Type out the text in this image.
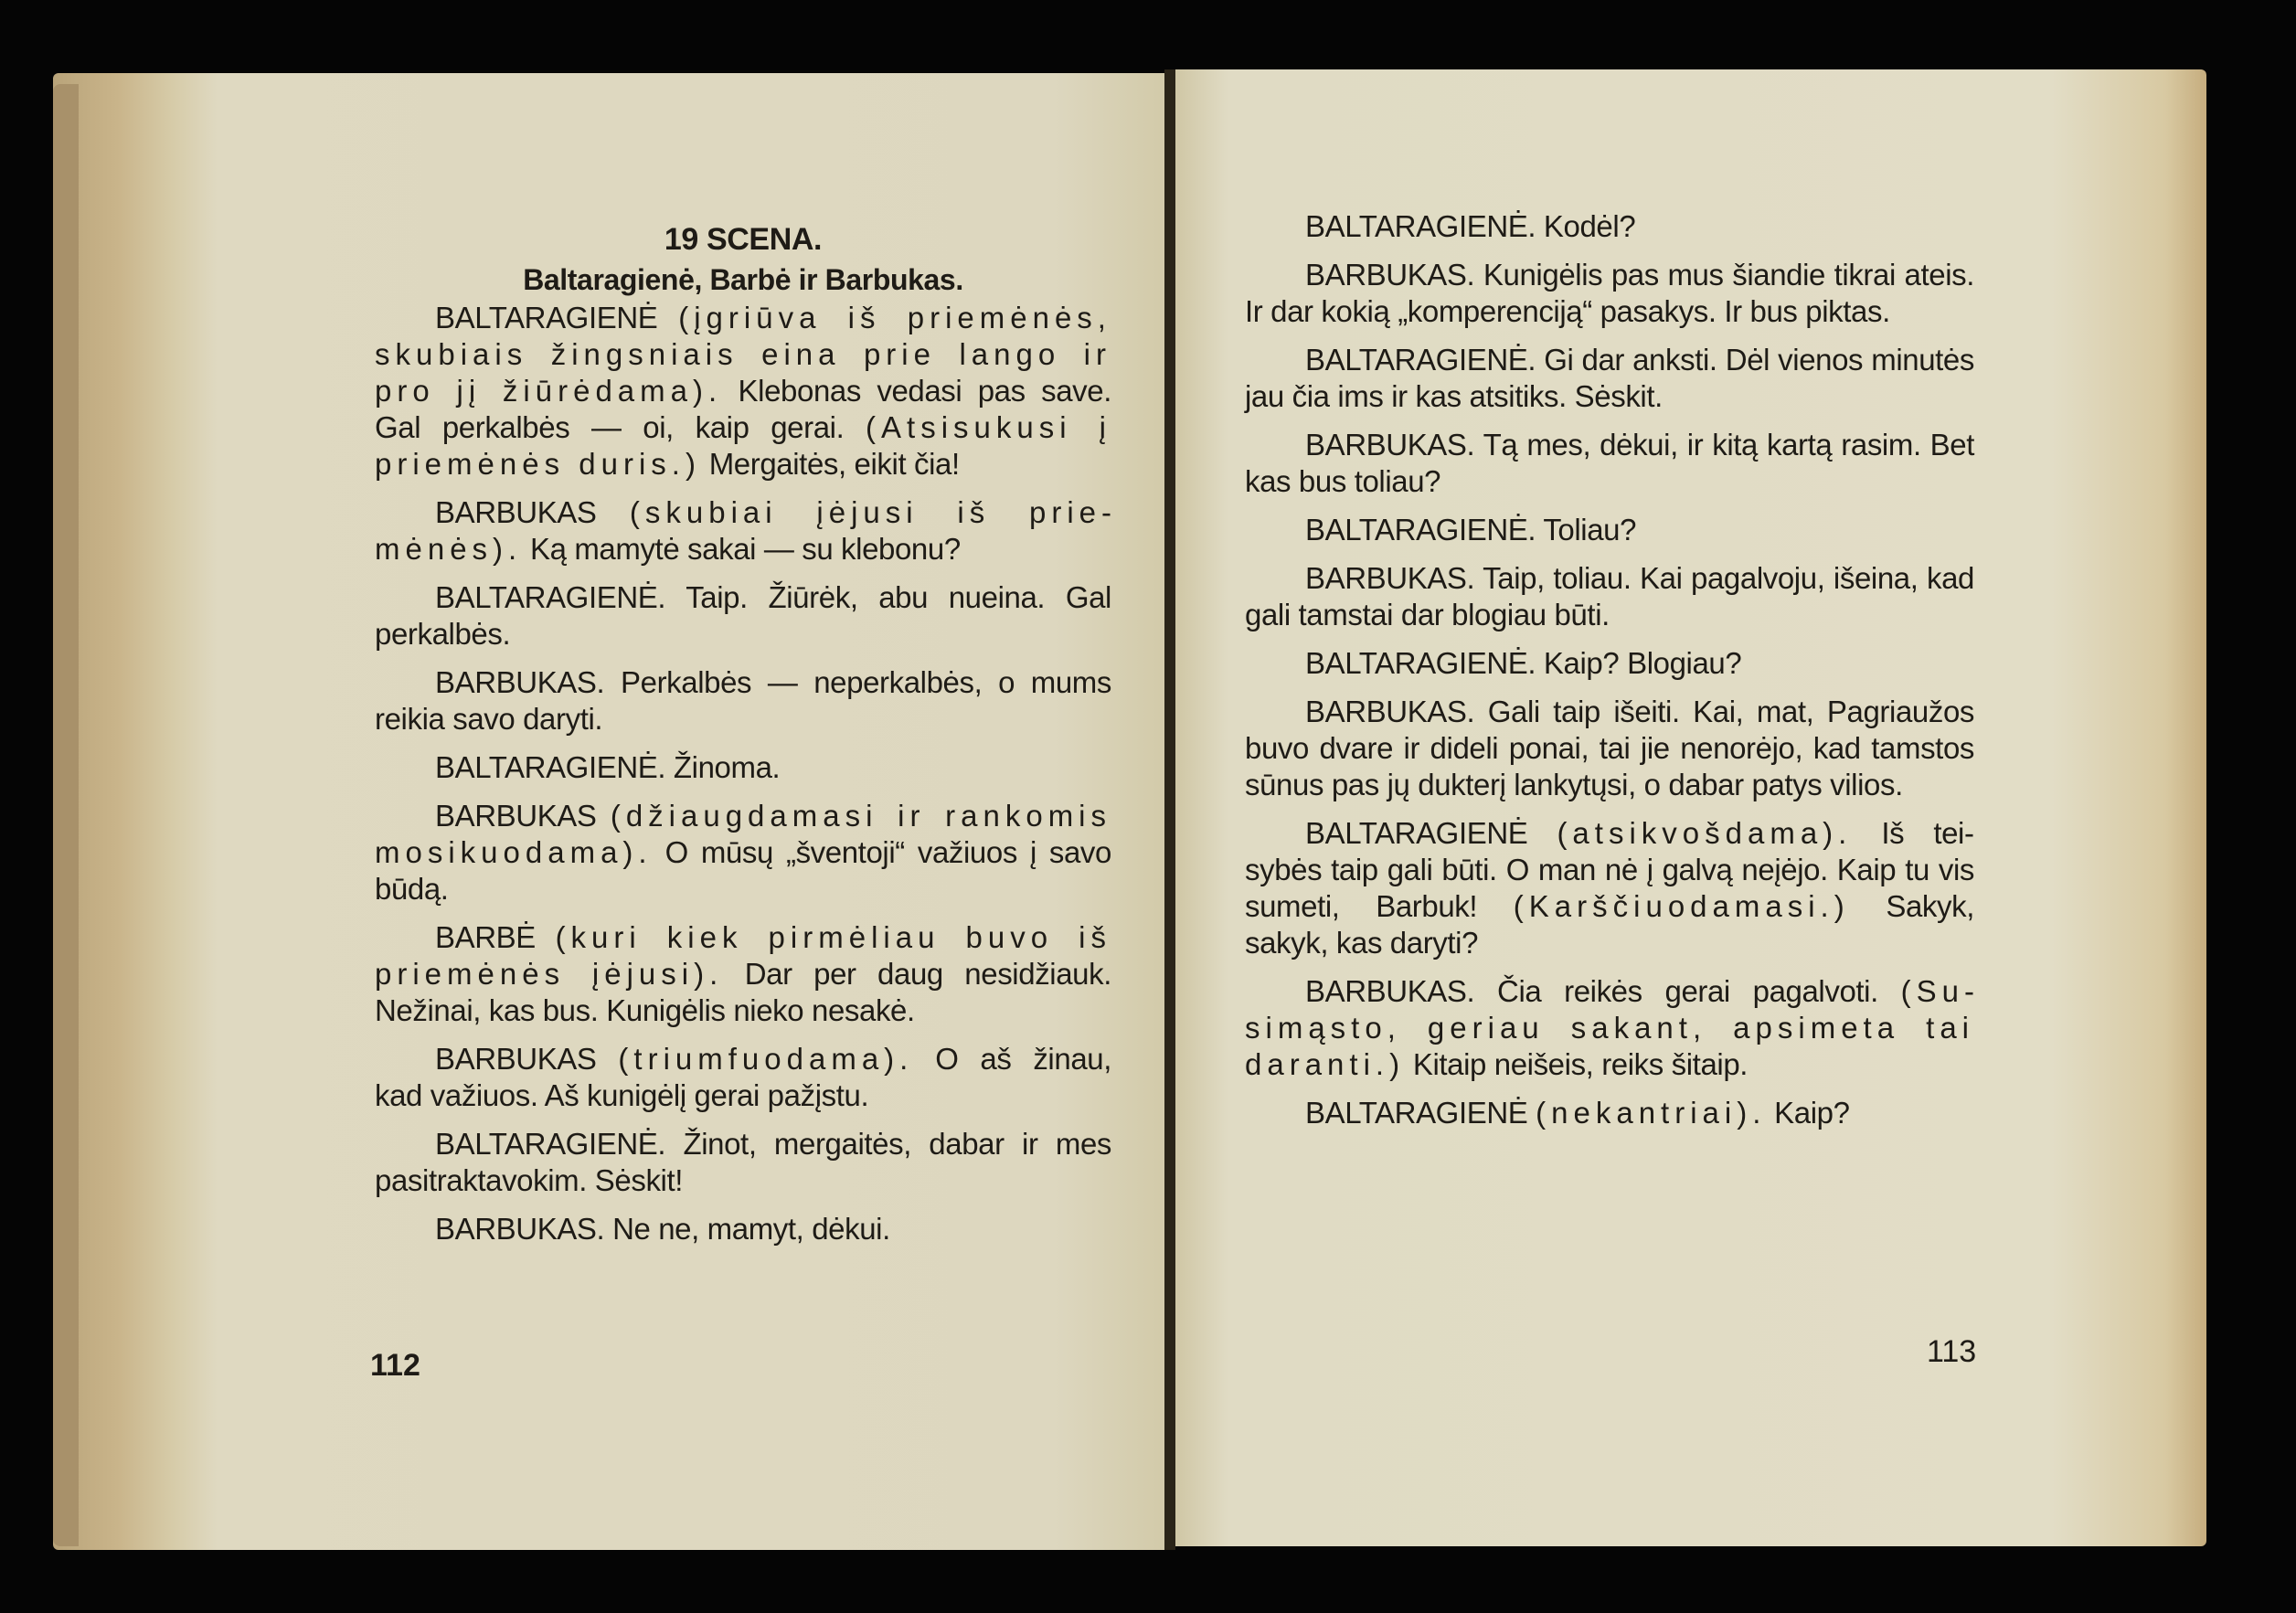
19 SCENA.

Baltaragienė, Barbė ir Barbukas.

BALTARAGIENĖ (įgriūva iš priemėnės, skubiais žingsniais eina prie lango ir pro jį žiūrėdama). Klebonas vedasi pas save. Gal perkalbės — oi, kaip gerai. (Atsisukusi į priemėnės duris.) Mergaitės, eikit čia!

BARBUKAS (skubiai įėjusi iš priemėnės). Ką mamytė sakai — su klebonu?

BALTARAGIENĖ. Taip. Žiūrėk, abu nueina. Gal perkalbės.

BARBUKAS. Perkalbės — neperkalbės, o mums reikia savo daryti.

BALTARAGIENĖ. Žinoma.

BARBUKAS (džiaugdamasi ir rankomis mosikuodama). O mūsų „šventoji“ važiuos į savo būdą.

BARBĖ (kuri kiek pirmėliau buvo iš priemėnės įėjusi). Dar per daug nesidžiauk. Nežinai, kas bus. Kunigėlis nieko nesakė.

BARBUKAS (triumfuodama). O aš žinau, kad važiuos. Aš kunigėlį gerai pažįstu.

BALTARAGIENĖ. Žinot, mergaitės, dabar ir mes pasitraktavokim. Sėskit!

BARBUKAS. Ne ne, mamyt, dėkui.

112

BALTARAGIENĖ. Kodėl?

BARBUKAS. Kunigėlis pas mus šiandie tikrai ateis. Ir dar kokią „komperenciją“ pasakys. Ir bus piktas.

BALTARAGIENĖ. Gi dar anksti. Dėl vienos minutės jau čia ims ir kas atsitiks. Sėskit.

BARBUKAS. Tą mes, dėkui, ir kitą kartą rasim. Bet kas bus toliau?

BALTARAGIENĖ. Toliau?

BARBUKAS. Taip, toliau. Kai pagalvoju, išeina, kad gali tamstai dar blogiau būti.

BALTARAGIENĖ. Kaip? Blogiau?

BARBUKAS. Gali taip išeiti. Kai, mat, Pagriaužos buvo dvare ir dideli ponai, tai jie nenorėjo, kad tamstos sūnus pas jų dukterį lankytųsi, o dabar patys vilios.

BALTARAGIENĖ (atsikvošdama). Iš teisybės taip gali būti. O man nė į galvą neįėjo. Kaip tu vis sumeti, Barbuk! (Karščiuodamasi.) Sakyk, sakyk, kas daryti?

BARBUKAS. Čia reikės gerai pagalvoti. (Susimąsto, geriau sakant, apsimeta tai daranti.) Kitaip neišeis, reiks šitaip.

BALTARAGIENĖ (nekantriai). Kaip?

113
